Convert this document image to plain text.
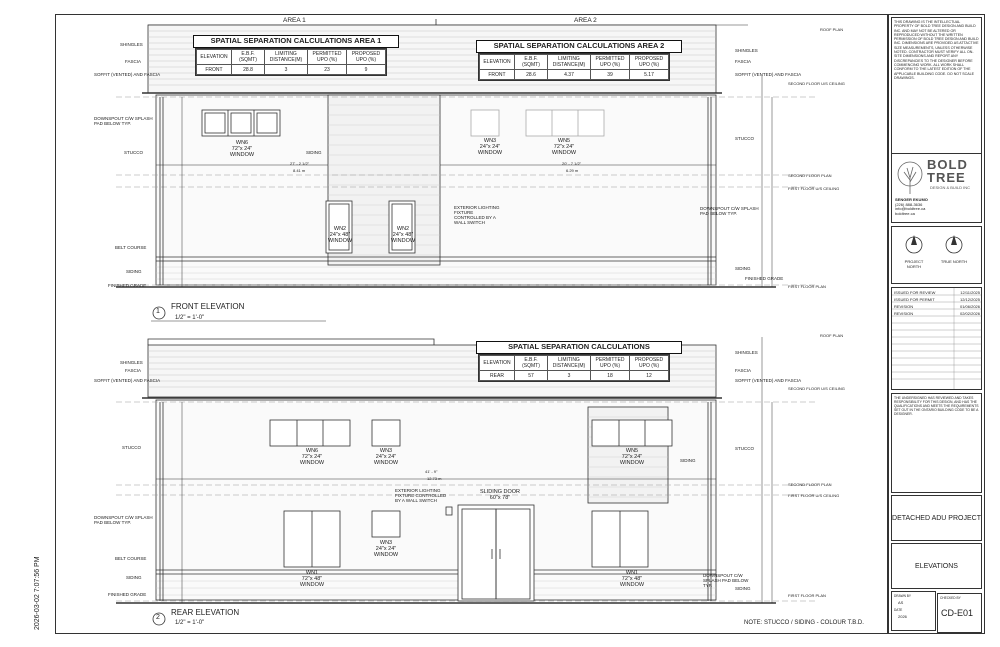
2026-03-02 7:07:56 PM
AREA 1	AREA 2
SPATIAL SEPARATION CALCULATIONS AREA 1
ELEVATION	E.B.F. (SQMT)	LIMITING DISTANCE(M)	PERMITTED UPO (%)	PROPOSED UPO (%)
FRONT	28.8	3	23	9
SPATIAL SEPARATION CALCULATIONS AREA 2
ELEVATION	E.B.F. (SQMT)	LIMITING DISTANCE(M)	PERMITTED UPO (%)	PROPOSED UPO (%)
FRONT	28.6	4.37	39	5.17
SHINGLES
FASCIA
SOFFIT (VENTED) AND FASCIA
DOWNSPOUT C/W SPLASH PAD BELOW TYP.
STUCCO
BELT COURSE
SIDING
FINISHED GRADE
SHINGLES
FASCIA
SOFFIT (VENTED) AND FASCIA
STUCCO
DOWNSPOUT C/W SPLASH PAD BELOW TYP.
SIDING
FINISHED GRADE
ROOF PLAN
SECOND FLOOR U/S CEILING
SECOND FLOOR PLAN
FIRST FLOOR U/S CEILING
FIRST FLOOR PLAN
SIDING
EXTERIOR LIGHTING FIXTURE CONTROLLED BY A WALL SWITCH
WN6
72"x 24"
WINDOW
WN3
24"x 24"
WINDOW
WN5
72"x 24"
WINDOW
WN2
24"x 48"
WINDOW
WN2
24"x 48"
WINDOW
27' - 2 1/2"
8.41 m
20' - 7 1/2"
6.29 m
1
FRONT ELEVATION
1/2" = 1'-0"
SPATIAL SEPARATION CALCULATIONS
ELEVATION	E.B.F. (SQMT)	LIMITING DISTANCE(M)	PERMITTED UPO (%)	PROPOSED UPO (%)
REAR	57	3	18	12
SHINGLES
FASCIA
SOFFIT (VENTED) AND FASCIA
STUCCO
DOWNSPOUT C/W SPLASH PAD BELOW TYP.
BELT COURSE
SIDING
FINISHED GRADE
SHINGLES
FASCIA
SOFFIT (VENTED) AND FASCIA
STUCCO
SIDING
DOWNSPOUT C/W SPLASH PAD BELOW TYP.
SIDING
ROOF PLAN
SECOND FLOOR U/S CEILING
SECOND FLOOR PLAN
FIRST FLOOR U/S CEILING
FIRST FLOOR PLAN
WN6
72"x 24"
WINDOW
WN3
24"x 24"
WINDOW
WN5
72"x 24"
WINDOW
WN3
24"x 24"
WINDOW
WN1
72"x 48"
WINDOW
WN1
72"x 48"
WINDOW
SLIDING DOOR
60"x 78"
EXTERIOR LIGHTING FIXTURE CONTROLLED BY A WALL SWITCH
41' - 9"
12.73 m
2
REAR ELEVATION
1/2" = 1'-0"	NOTE: STUCCO / SIDING - COLOUR T.B.D.
THIS DRAWING IS THE INTELLECTUAL PROPERTY OF BOLD TREE DESIGN AND BUILD INC. AND MAY NOT BE ALTERED OR REPRODUCED WITHOUT THE WRITTEN PERMISSION OF BOLD TREE DESIGN AND BUILD INC. DIMENSIONS ARE PROVIDED AS ATTACTIVE SIZE MEASUREMENTS, UNLESS OTHERWISE NOTED. CONTRACTOR MUST VERIFY ALL ON-SITE DIMENSIONS AND REPORT ANY DISCREPANCIES TO THE DESIGNER BEFORE COMMENCING WORK. ALL WORK SHALL CONFORM TO THE LATEST EDITION OF THE APPLICABLE BUILDING CODE. DO NOT SCALE DRAWINGS.
BOLD
TREE
DESIGN & BUILD INC
SENGER EKUMO
(226) 888-3636
info@boldtree.ca
boldtree.ca
PROJECT NORTH
TRUE NORTH
ISSUED FOR REVIEW	12/11/2025
ISSUED FOR PERMIT	12/12/2025
REVISION	01/06/2026
REVISION	02/02/2026
THE UNDERSIGNED HAS REVIEWED AND TAKES RESPONSIBILITY FOR THIS DESIGN, AND HAS THE QUALIFICATIONS AND MEETS THE REQUIREMENTS SET OUT IN THE ONTARIO BUILDING CODE TO BE A DESIGNER.
DETACHED ADU PROJECT
ELEVATIONS
DRAWN BY
AS
DATE
2026
CHECKED BY
CD-E01
